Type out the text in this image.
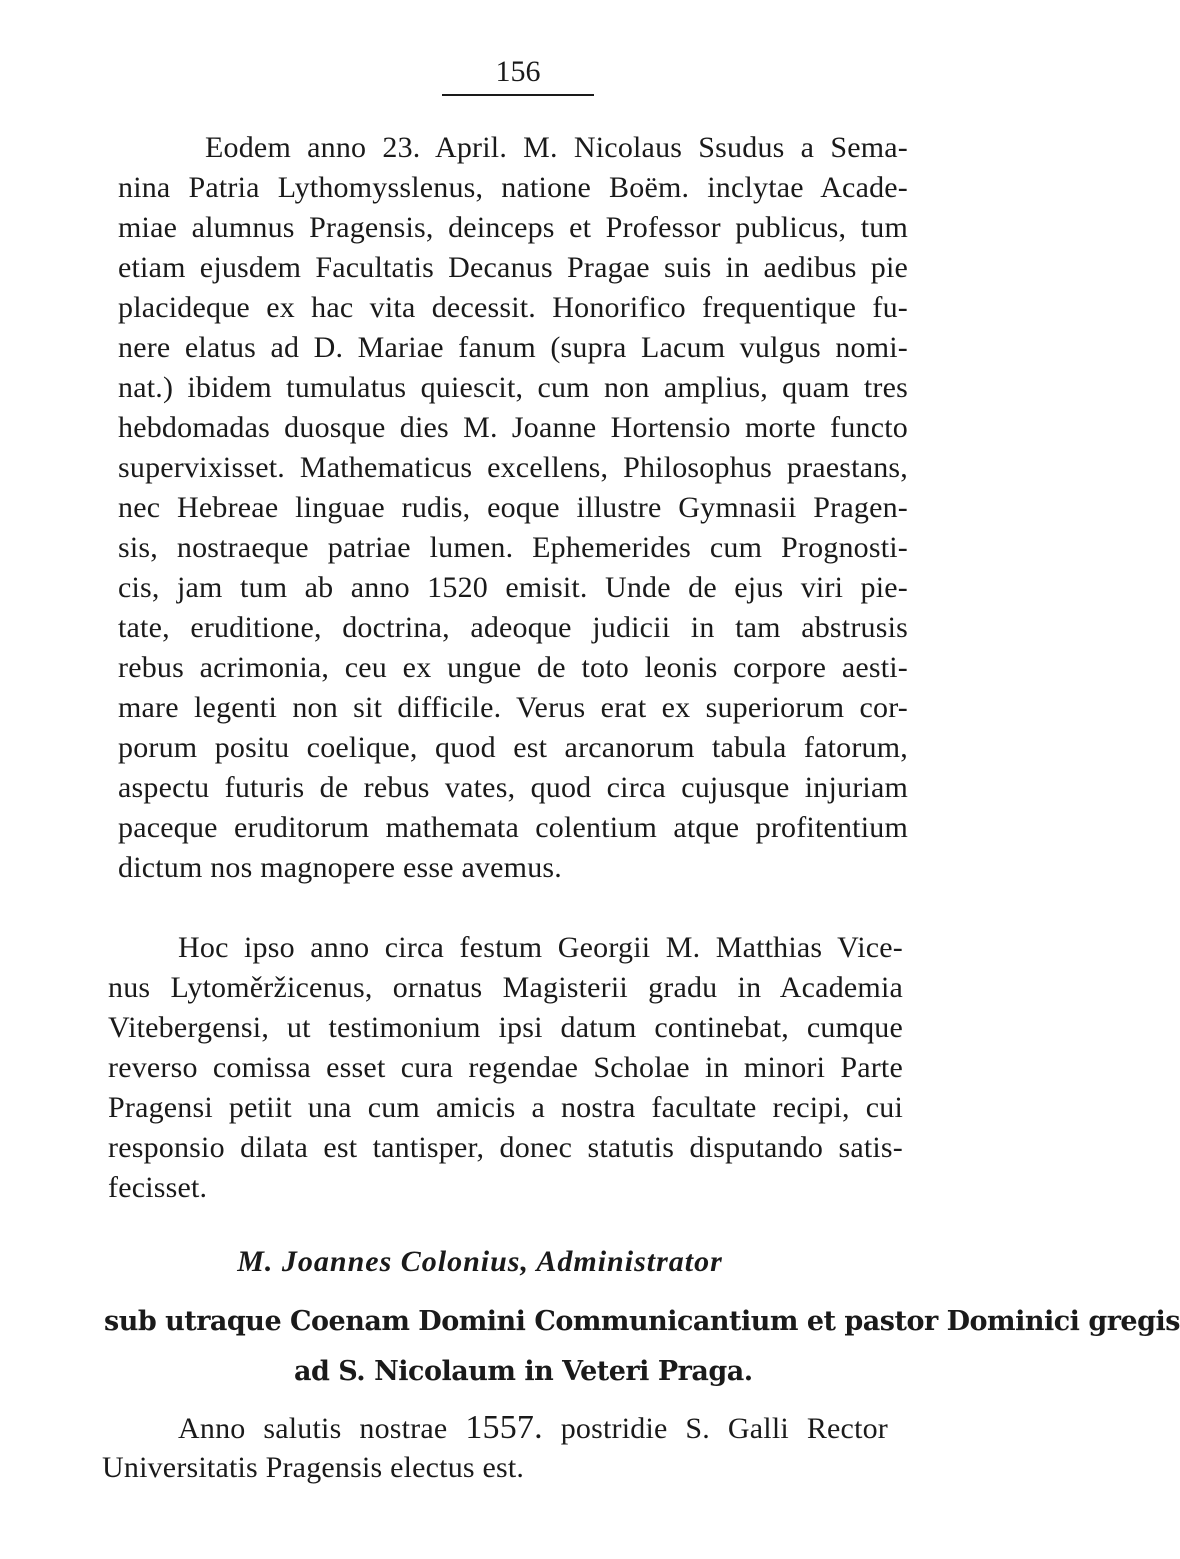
156
Eodem anno 23. April. M. Nicolaus Ssudus a Sema-
nina Patria Lythomysslenus, natione Boëm. inclytae Acade-
miae alumnus Pragensis, deinceps et Professor publicus, tum
etiam ejusdem Facultatis Decanus Pragae suis in aedibus pie
placideque ex hac vita decessit. Honorifico frequentique fu-
nere elatus ad D. Mariae fanum (supra Lacum vulgus nomi-
nat.) ibidem tumulatus quiescit, cum non amplius, quam tres
hebdomadas duosque dies M. Joanne Hortensio morte functo
supervixisset. Mathematicus excellens, Philosophus praestans,
nec Hebreae linguae rudis, eoque illustre Gymnasii Pragen-
sis, nostraeque patriae lumen. Ephemerides cum Prognosti-
cis, jam tum ab anno 1520 emisit. Unde de ejus viri pie-
tate, eruditione, doctrina, adeoque judicii in tam abstrusis
rebus acrimonia, ceu ex ungue de toto leonis corpore aesti-
mare legenti non sit difficile. Verus erat ex superiorum cor-
porum positu coelique, quod est arcanorum tabula fatorum,
aspectu futuris de rebus vates, quod circa cujusque injuriam
paceque eruditorum mathemata colentium atque profitentium
dictum nos magnopere esse avemus.
Hoc ipso anno circa festum Georgii M. Matthias Vice-
nus Lytoměržicenus, ornatus Magisterii gradu in Academia
Vitebergensi, ut testimonium ipsi datum continebat, cumque
reverso comissa esset cura regendae Scholae in minori Parte
Pragensi petiit una cum amicis a nostra facultate recipi, cui
responsio dilata est tantisper, donec statutis disputando satis-
fecisset.
M. Joannes Colonius, Administrator
sub utraque Coenam Domini Communicantium et pastor Dominici gregis
ad S. Nicolaum in Veteri Praga.
Anno salutis nostrae 1557. postridie S. Galli Rector
Universitatis Pragensis electus est.
